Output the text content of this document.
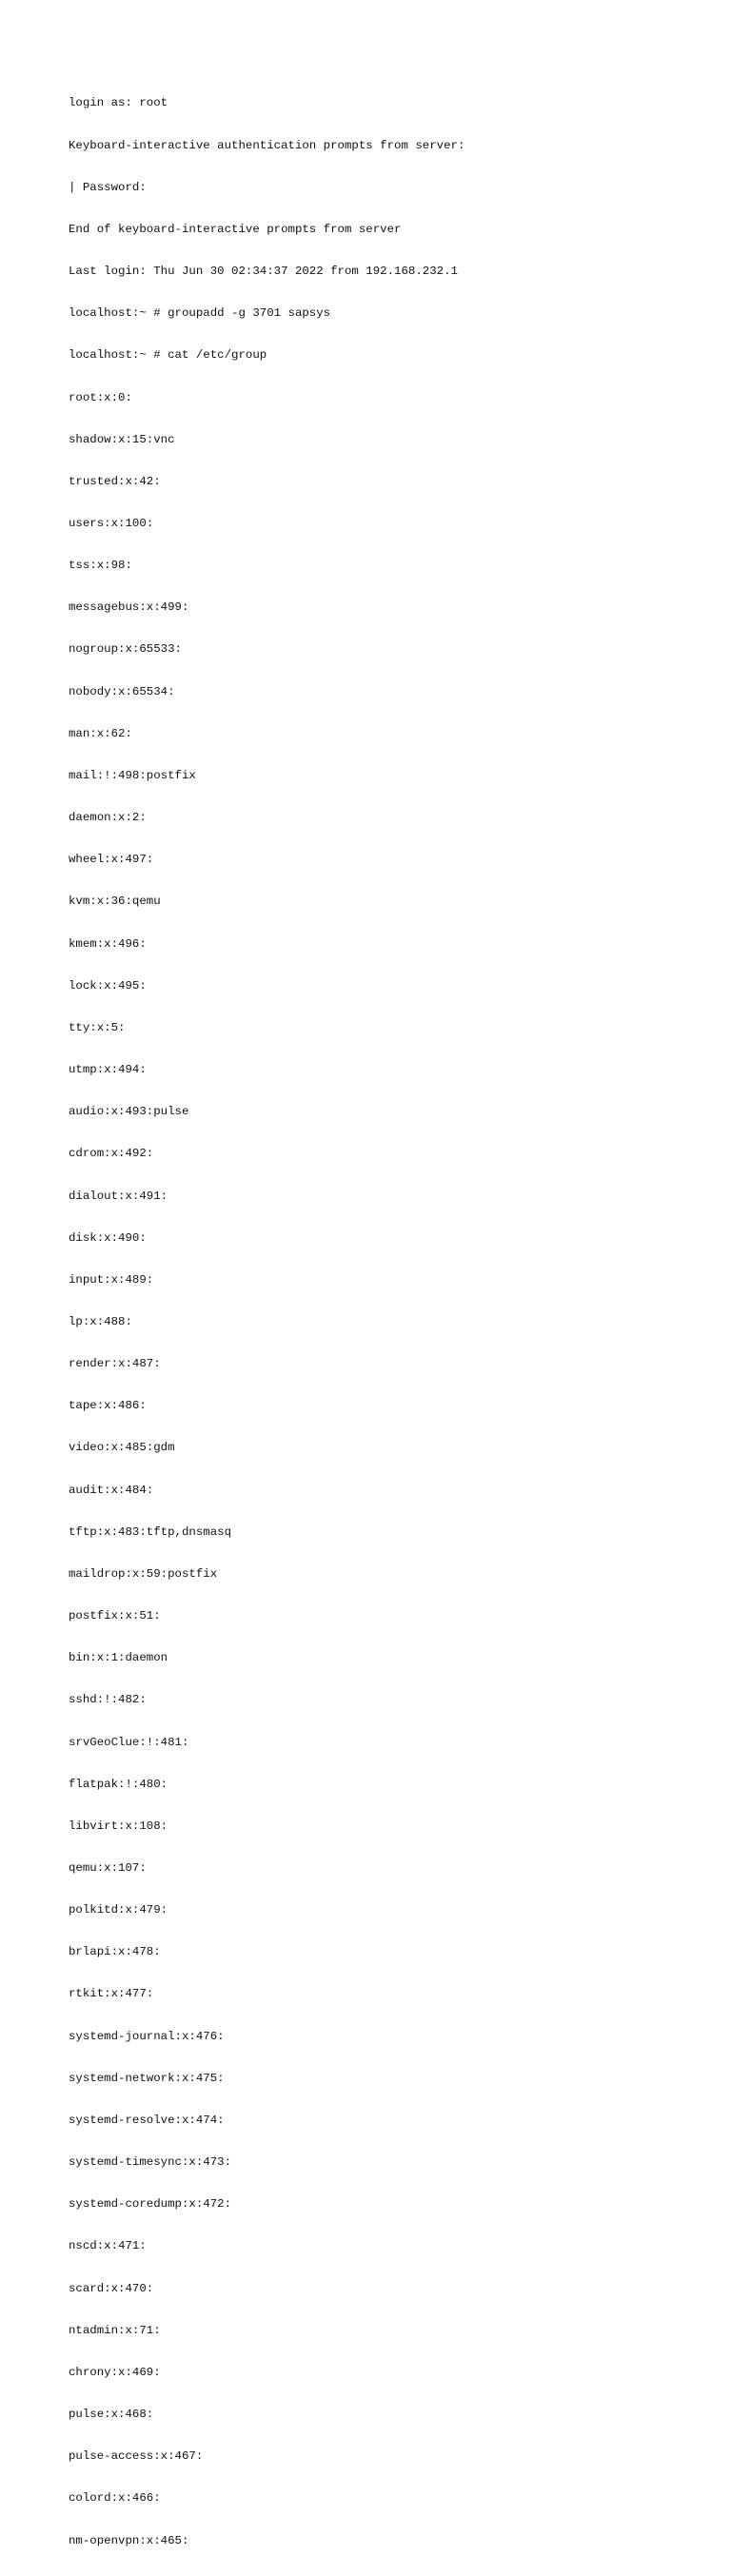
login as: root

Keyboard-interactive authentication prompts from server:

| Password:

End of keyboard-interactive prompts from server

Last login: Thu Jun 30 02:34:37 2022 from 192.168.232.1

localhost:~ # groupadd -g 3701 sapsys

localhost:~ # cat /etc/group

root:x:0:

shadow:x:15:vnc

trusted:x:42:

users:x:100:

tss:x:98:

messagebus:x:499:

nogroup:x:65533:

nobody:x:65534:

man:x:62:

mail:!:498:postfix

daemon:x:2:

wheel:x:497:

kvm:x:36:qemu

kmem:x:496:

lock:x:495:

tty:x:5:

utmp:x:494:

audio:x:493:pulse

cdrom:x:492:

dialout:x:491:

disk:x:490:

input:x:489:

lp:x:488:

render:x:487:

tape:x:486:

video:x:485:gdm

audit:x:484:

tftp:x:483:tftp,dnsmasq

maildrop:x:59:postfix

postfix:x:51:

bin:x:1:daemon

sshd:!:482:

srvGeoClue:!:481:

flatpak:!:480:

libvirt:x:108:

qemu:x:107:

polkitd:x:479:

brlapi:x:478:

rtkit:x:477:

systemd-journal:x:476:

systemd-network:x:475:

systemd-resolve:x:474:

systemd-timesync:x:473:

systemd-coredump:x:472:

nscd:x:471:

scard:x:470:

ntadmin:x:71:

chrony:x:469:

pulse:x:468:

pulse-access:x:467:

colord:x:466:

nm-openvpn:x:465:
